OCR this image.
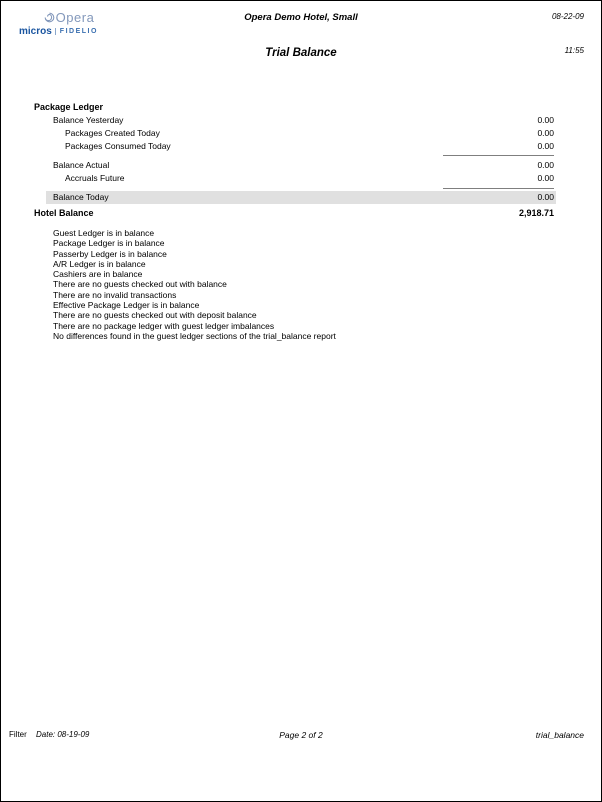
Opera
micros	FIDELIO
Opera Demo Hotel, Small	08-22-09
Trial Balance	11:55
Package Ledger
Balance Yesterday	0.00
Packages Created Today	0.00
Packages Consumed Today	0.00
Balance Actual	0.00
Accruals Future	0.00
Balance Today	0.00
Hotel Balance	2,918.71
Guest Ledger is in balance
Package Ledger is in balance
Passerby Ledger is in balance
A/R Ledger is in balance
Cashiers are in balance
There are no guests checked out with balance
There are no invalid transactions
Effective Package Ledger is in balance
There are no guests checked out with deposit balance
There are no package ledger with guest ledger imbalances
No differences found in the guest ledger sections of the trial_balance report
Filter Date: 08-19-09	Page 2 of 2	trial_balance
